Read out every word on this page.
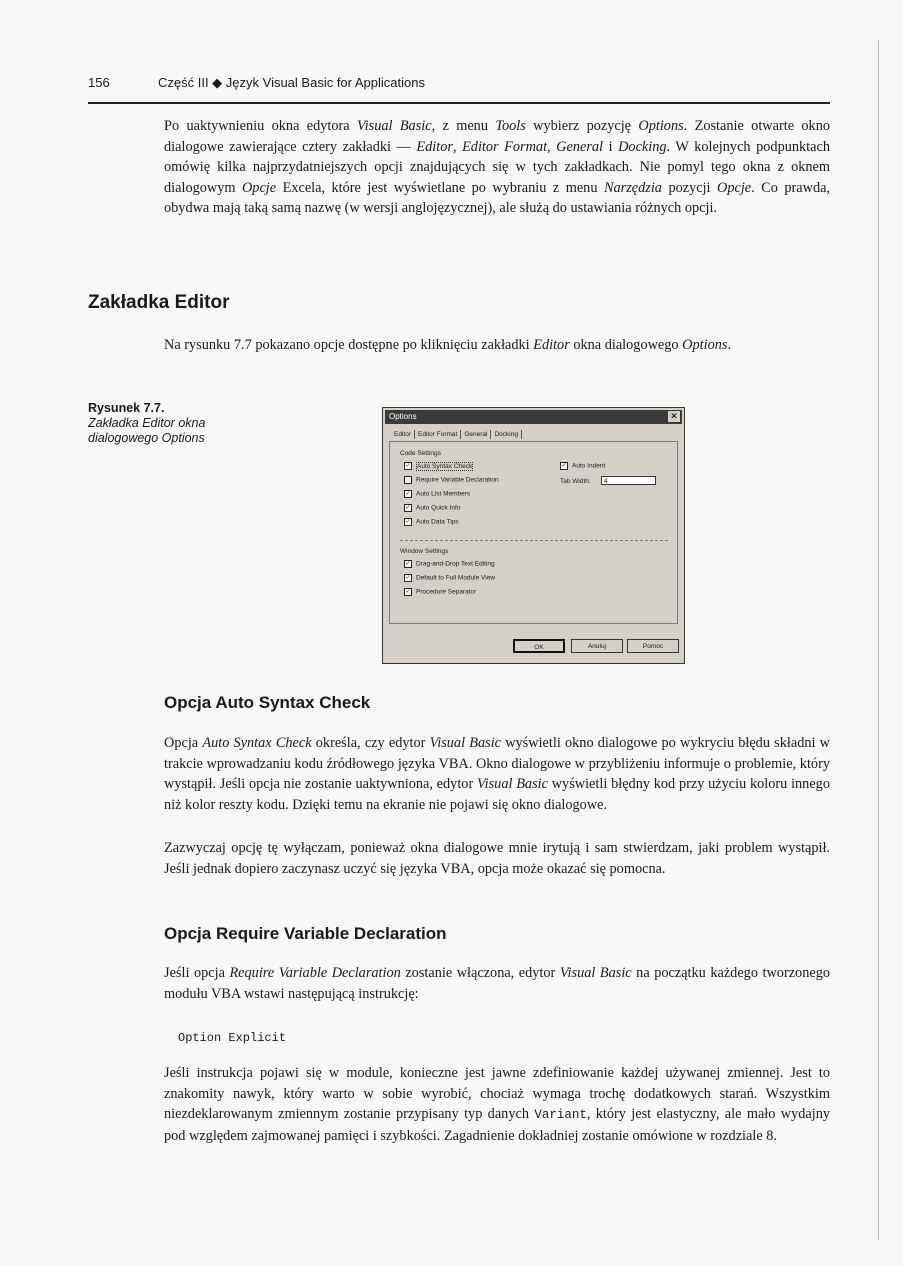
156	Część III ◆ Język Visual Basic for Applications

Po uaktywnieniu okna edytora Visual Basic, z menu Tools wybierz pozycję Options. Zostanie otwarte okno dialogowe zawierające cztery zakładki — Editor, Editor Format, General i Docking. W kolejnych podpunktach omówię kilka najprzydatniejszych opcji znajdujących się w tych zakładkach. Nie pomyl tego okna z oknem dialogowym Opcje Excela, które jest wyświetlane po wybraniu z menu Narzędzia pozycji Opcje. Co prawda, obydwa mają taką samą nazwę (w wersji anglojęzycznej), ale służą do ustawiania różnych opcji.

Zakładka Editor

Na rysunku 7.7 pokazano opcje dostępne po kliknięciu zakładki Editor okna dialogowego Options.

Rysunek 7.7.
Zakładka Editor okna dialogowego Options
Options	✕
Editor Editor Format General Docking
Code Settings
✓ Auto Syntax Check
Require Variable Declaration
✓ Auto List Members
✓ Auto Quick Info
✓ Auto Data Tips
✓ Auto Indent
Tab Width:	4
Window Settings
✓ Drag-and-Drop Text Editing
✓ Default to Full Module View
✓ Procedure Separator
OK	Anuluj	Pomoc
Opcja Auto Syntax Check

Opcja Auto Syntax Check określa, czy edytor Visual Basic wyświetli okno dialogowe po wykryciu błędu składni w trakcie wprowadzaniu kodu źródłowego języka VBA. Okno dialogowe w przybliżeniu informuje o problemie, który wystąpił. Jeśli opcja nie zostanie uaktywniona, edytor Visual Basic wyświetli błędny kod przy użyciu koloru innego niż kolor reszty kodu. Dzięki temu na ekranie nie pojawi się okno dialogowe.

Zazwyczaj opcję tę wyłączam, ponieważ okna dialogowe mnie irytują i sam stwierdzam, jaki problem wystąpił. Jeśli jednak dopiero zaczynasz uczyć się języka VBA, opcja może okazać się pomocna.

Opcja Require Variable Declaration

Jeśli opcja Require Variable Declaration zostanie włączona, edytor Visual Basic na początku każdego tworzonego modułu VBA wstawi następującą instrukcję:

Option Explicit

Jeśli instrukcja pojawi się w module, konieczne jest jawne zdefiniowanie każdej używanej zmiennej. Jest to znakomity nawyk, który warto w sobie wyrobić, chociaż wymaga trochę dodatkowych starań. Wszystkim niezdeklarowanym zmiennym zostanie przypisany typ danych Variant, który jest elastyczny, ale mało wydajny pod względem zajmowanej pamięci i szybkości. Zagadnienie dokładniej zostanie omówione w rozdziale 8.
